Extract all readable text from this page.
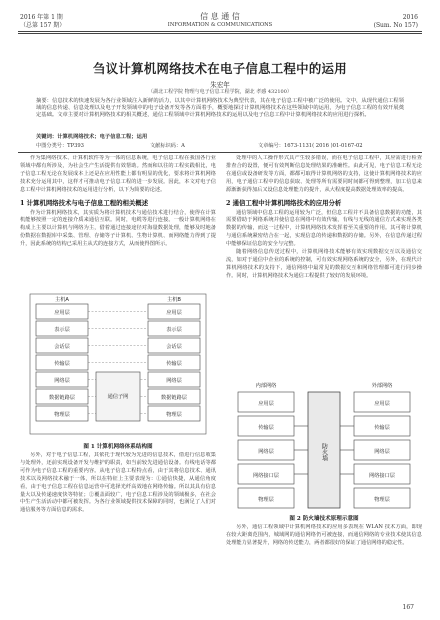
2016 年第 1 期
（总第 157 期）
信 息 通 信
INFORMATION & COMMUNICATIONS
2016
(Sum. No 157)
刍议计算机网络技术在电子信息工程中的运用
朱宏年
（湖北工程学院 物理与电子信息工程学院，湖北 孝感 432100）
摘要：信息技术的快速发展为各行业领域注入新鲜的活力，以其中计算机网络技术为典型代表，其在电子信息工程中被广泛的使用。文中，从现代通信工程领域的信息传递、信息处理以及电子开发领域中的电子设备开发等各方面着手，概要地探讨计算机网络技术在这些领域中的运用，为电子信息工程的有效开展奠定基础。文章主要对计算机网络技术的相关概述，通信工程领域中计算机网络技术的运用以及电子信息工程中计算机网络技术的应用进行探析。
关键词：计算机网络技术；电子信息工程；运用
中图分类号：TP393	文献标识码：A	文章编号：1673-1131( 2016 )01-0167-02

作为集网络技术、计算机软件等为一体的信息系统，电子信息工程在我国各行业领域中都有所涉及，为社会生产生活提供有效帮助。然而和以往的工程实践相比，电子信息工程无论在发展成本上还是在应用性能上都有明显的优化，要求将计算机网络技术充分运用其中，这样才可推动电子信息工程的进一步发展。因此，本文对电子信息工程中计算机网络技术的运用进行分析，以下为简要的论述。

1 计算机网络技术与电子信息工程的相关概述

作为计算机网络技术，其实质为将计算机技术与通信技术进行结合，使得在计算机能够按照一定的连接介质来通信互联。同时，电缆等进行连接。一般计算机网络在构成上主要以计算机与网络为主，借着通过连接途径对海量数据处理，能够及时地备份数据在数据库中采集、管理、存储等子计算机、生物计算机、而网络能力得到了提升，因此系统的结构已采用主从式的连接方式，从而使得图所示。

主机A
应用层
表示层
会话层
传输层
网络层
数据链路层
物理层
主机B
应用层
表示层
会话层
传输层
网络层
数据链路层
物理层
通信子网
图 1 计算机网络体系结构图

另外，对于电子信息工程，其依托于现代较为先进的信息技术，借进行信息收集与处理外，还前实现设备开发与维护的职责，如当前较先进通信设备。有线电话等都可作为电子信息工程的重要内容。从电子信息工程特点看，由于其将信息技术、通讯技术以及网络技术融于一体，所以在特征上主要表现为：①通信快捷，从通信角度看，由于电子信息工程在信息运营中可选择光纤高效地在网络传输。所以其具有信息量大以及传递速度快等特征；②覆盖面较广，电子信息工程涉及的领域极多，在社会中生产生活活动中都可被发挥。为各行业领域提供技术保障的同时，也满足了人们对通信服务等方面信息的需求。

处理中的人工操作形式具产生较多错误，而在电子信息工程中，其应需进行检查排查合的设置，便可有效判断信息处理结果的准确性。由此可见，电子信息工程无论在通信或设备研发等方面，都都可取得计算机网络的支持，这使计算机网络技术的应用，电子通信工程中的信息获取、处理等所有需要同时间都可得到整理，加工信息来源渐渐获得加后又设信息处理能力的提升，从大程度提高数据处理效率的提高。

2 通信工程中计算机网络技术的应用分析

通信领域中信息工程的运用较为广泛，但信息工程并不具备信息数据的功能，其需要借助于网络系统并使信息在网络中有效传输，有线与无线的通信方式来实现各类数据的传输，而这一过程中，计算机网络技术发挥着至关重要的作用。其可将计算机与通信系统紧密结合在一起，实现信息的传递和数据的存储。另外，在信息传递过程中能够保证信息的安全与完整。

随着网络信息传送过程中，计算机网络技术能够有效实现数据交互以及通信交流，如对于通信中企业的系统的控制，可有效实现网络系统的安全，另外，在现代计算机网络技术的支持下，通信网络中最常见的数据交互和网络管理都可进行同步操作。同时，计算机网络技术为通信工程提供了较好的发展环境。

内部网络	外部网络
应用层
传输层
网络层
网络接口层
物理层
应用层
传输层
网络层
网络接口层
物理层
防火墙
图 2 防火墙技术原理示意图

另外，通信工程领域中计算机网络技术的应用多表现在 WLAN 技术方面，即现在较大距离范围内，城域网的通信网络仍可被连接，而通信网络的专业技术使其信息处理能力显著提升，网络的传送能力，两者都很好的保证了通信网络的稳定性。

167
